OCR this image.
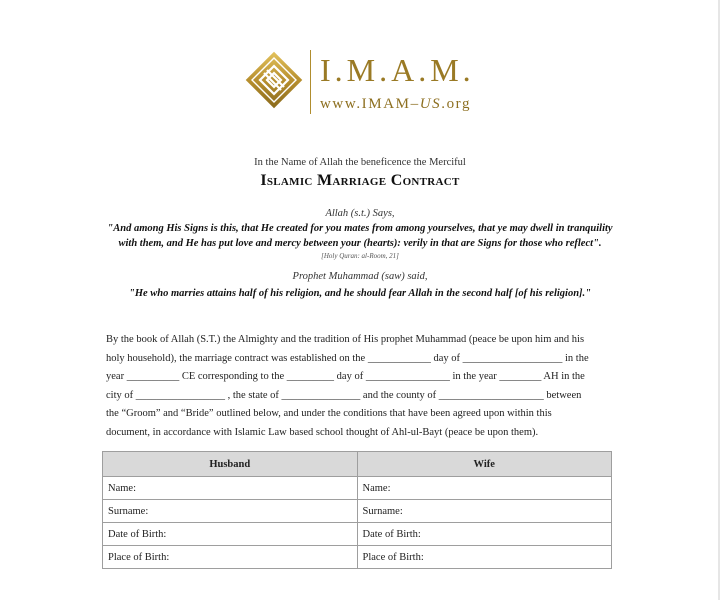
I.M.A.M.
www.IMAM–US.org
In the Name of Allah the beneficence the Merciful
Islamic Marriage Contract
Allah (s.t.) Says,
"And among His Signs is this, that He created for you mates from among yourselves, that ye may dwell in tranquility with them, and He has put love and mercy between your (hearts): verily in that are Signs for those who reflect".
[Holy Quran: al-Room, 21]
Prophet Muhammad (saw) said,
"He who marries attains half of his religion, and he should fear Allah in the second half [of his religion]."
By the book of Allah (S.T.) the Almighty and the tradition of His prophet Muhammad (peace be upon him and his
holy household), the marriage contract was established on the ____________ day of ___________________ in the
year __________ CE corresponding to the _________ day of ________________ in the year ________ AH in the
city of _________________ , the state of _______________ and the county of ____________________ between
the “Groom” and “Bride” outlined below, and under the conditions that have been agreed upon within this
document, in accordance with Islamic Law based school thought of Ahl-ul-Bayt (peace be upon them).
Husband	Wife
Name:	Name:
Surname:	Surname:
Date of Birth:	Date of Birth:
Place of Birth:	Place of Birth:
